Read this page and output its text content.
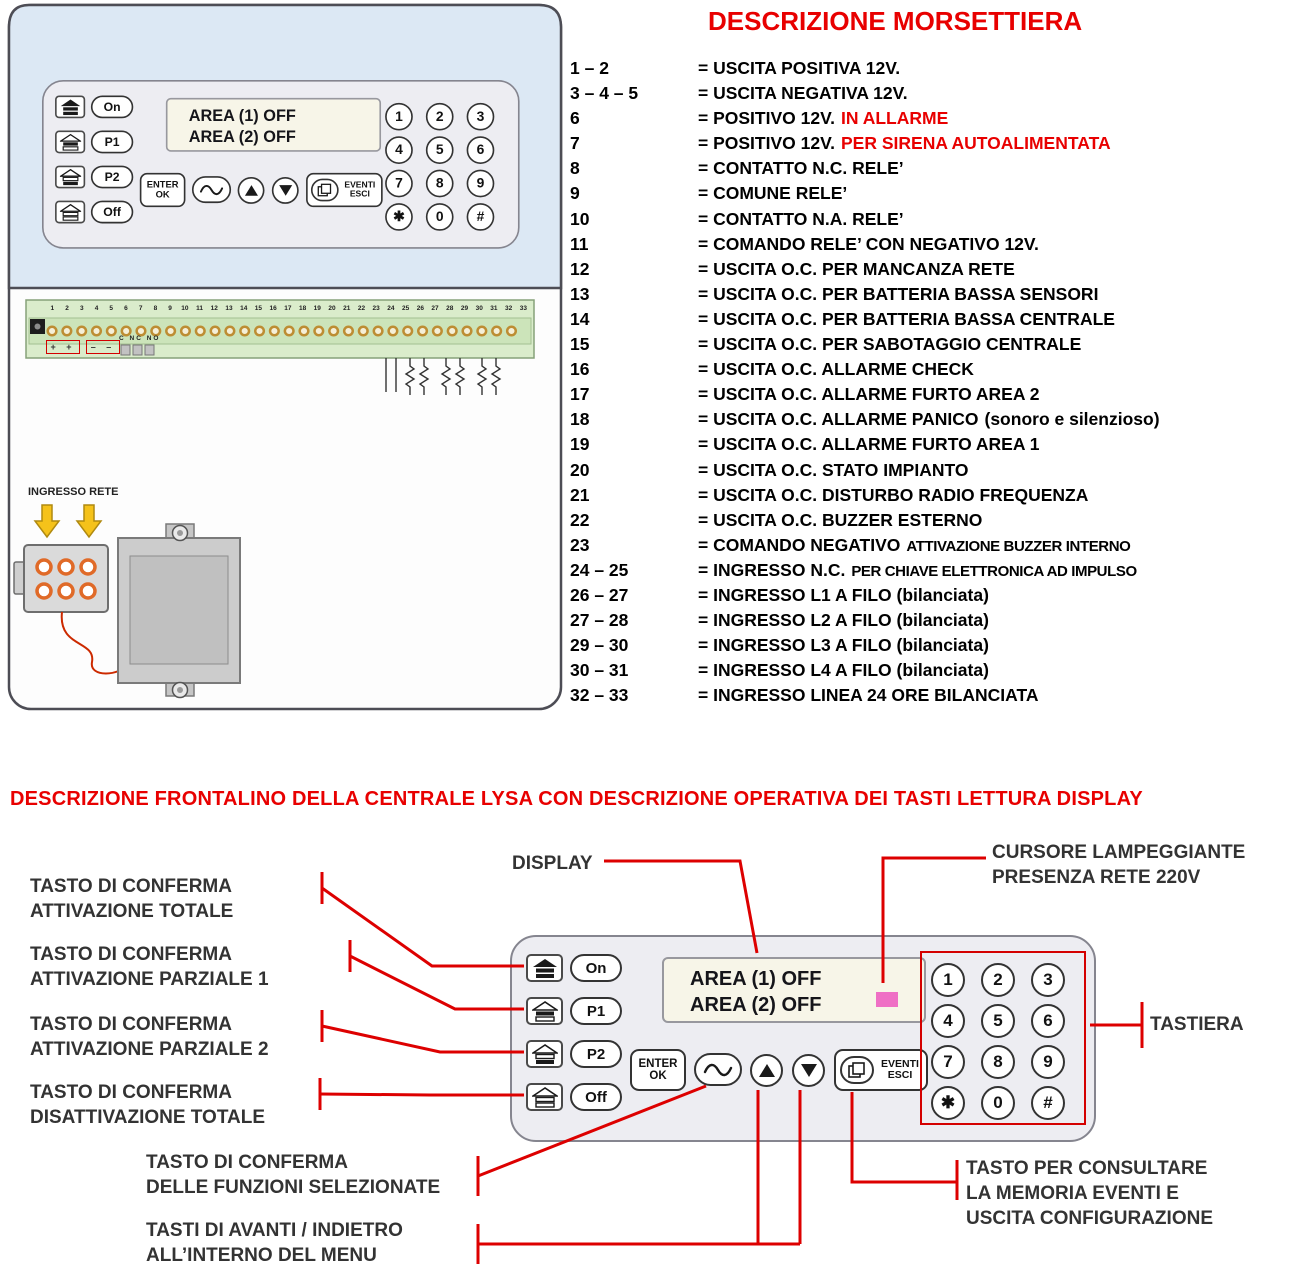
1	2	3	4	5	6	7	8	9	10	11	12	13	14	15	16	17	18	19	20	21	22	23	24	25	26	27	28	29	30	31	32	33
+ +	– –
C NC NO
INGRESSO RETE
On
P1
P2
Off
AREA (1) OFF
AREA (2) OFF
ENTER
OK
EVENTI
ESCI
1	2	3
4	5	6
7	8	9
✱	0	#
DESCRIZIONE MORSETTIERA
1 – 2	= USCITA POSITIVA 12V.
3 – 4 – 5	= USCITA NEGATIVA 12V.
6	= POSITIVO 12V. IN ALLARME
7	= POSITIVO 12V. PER SIRENA AUTOALIMENTATA
8	= CONTATTO N.C. RELE’
9	= COMUNE RELE’
10	= CONTATTO N.A. RELE’
11	= COMANDO RELE’ CON NEGATIVO 12V.
12	= USCITA O.C. PER MANCANZA RETE
13	= USCITA O.C. PER BATTERIA BASSA SENSORI
14	= USCITA O.C. PER BATTERIA BASSA CENTRALE
15	= USCITA O.C. PER SABOTAGGIO CENTRALE
16	= USCITA O.C. ALLARME CHECK
17	= USCITA O.C. ALLARME FURTO AREA 2
18	= USCITA O.C. ALLARME PANICO (sonoro e silenzioso)
19	= USCITA O.C. ALLARME FURTO AREA 1
20	= USCITA O.C. STATO IMPIANTO
21	= USCITA O.C. DISTURBO RADIO FREQUENZA
22	= USCITA O.C. BUZZER ESTERNO
23	= COMANDO NEGATIVO ATTIVAZIONE BUZZER INTERNO
24 – 25	= INGRESSO N.C. PER CHIAVE ELETTRONICA AD IMPULSO
26 – 27	= INGRESSO L1 A FILO (bilanciata)
27 – 28	= INGRESSO L2 A FILO (bilanciata)
29 – 30	= INGRESSO L3 A FILO (bilanciata)
30 – 31	= INGRESSO L4 A FILO (bilanciata)
32 – 33	= INGRESSO LINEA 24 ORE BILANCIATA
DESCRIZIONE FRONTALINO DELLA CENTRALE LYSA CON DESCRIZIONE OPERATIVA DEI TASTI LETTURA DISPLAY
On
P1
P2
Off
AREA (1) OFF
AREA (2) OFF
ENTER
OK
EVENTI
ESCI
1	2	3
4	5	6
7	8	9
✱	0	#
TASTO DI CONFERMA
ATTIVAZIONE TOTALE
TASTO DI CONFERMA
ATTIVAZIONE PARZIALE 1
TASTO DI CONFERMA
ATTIVAZIONE PARZIALE 2
TASTO DI CONFERMA
DISATTIVAZIONE TOTALE
DISPLAY
CURSORE LAMPEGGIANTE
PRESENZA RETE 220V
TASTIERA
TASTO DI CONFERMA
DELLE FUNZIONI SELEZIONATE
TASTI DI AVANTI / INDIETRO
ALL’INTERNO DEL MENU
TASTO PER CONSULTARE
LA MEMORIA EVENTI E
USCITA CONFIGURAZIONE
